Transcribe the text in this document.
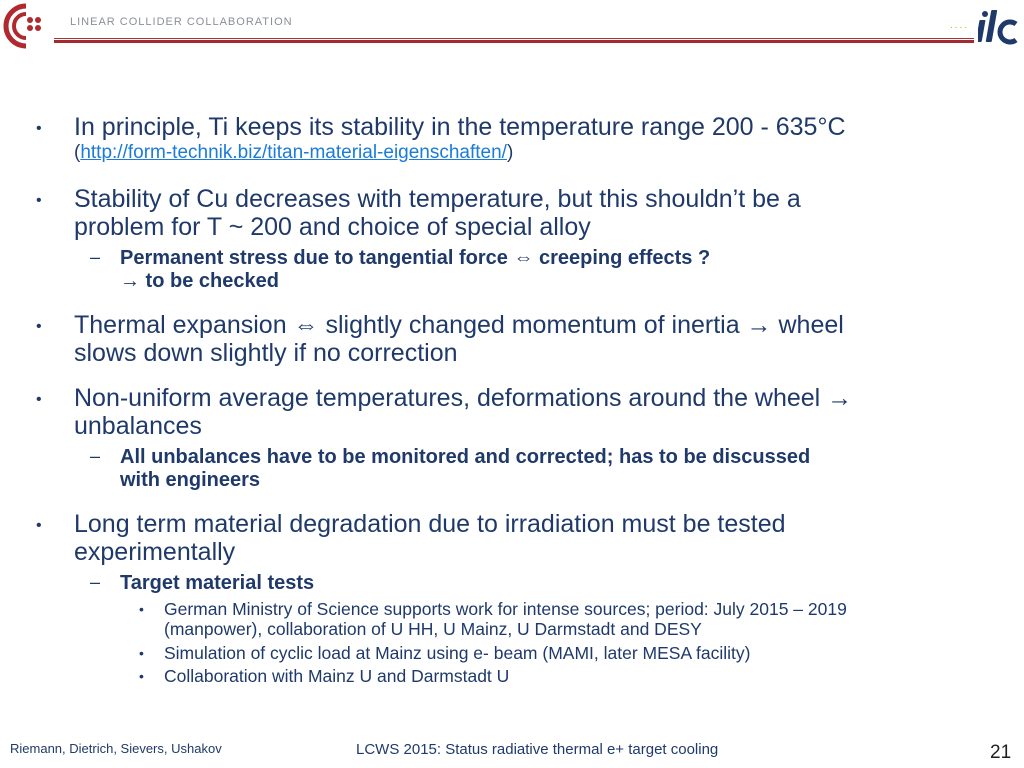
LINEAR COLLIDER COLLABORATION	....
• In principle, Ti keeps its stability in the temperature range 200 - 635°C
(http://form-technik.biz/titan-material-eigenschaften/)
• Stability of Cu decreases with temperature, but this shouldn’t be a
problem for T ~ 200 and choice of special alloy
– Permanent stress due to tangential force ⇔ creeping effects ?
→ to be checked
• Thermal expansion ⇔ slightly changed momentum of inertia → wheel
slows down slightly if no correction
• Non-uniform average temperatures, deformations around the wheel →
unbalances
– All unbalances have to be monitored and corrected; has to be discussed
with engineers
• Long term material degradation due to irradiation must be tested
experimentally
– Target material tests
• German Ministry of Science supports work for intense sources; period: July 2015 – 2019
(manpower), collaboration of U HH, U Mainz, U Darmstadt and DESY
• Simulation of cyclic load at Mainz using e- beam (MAMI, later MESA facility)
• Collaboration with Mainz U and Darmstadt U
Riemann, Dietrich, Sievers, Ushakov	LCWS 2015: Status radiative thermal e+ target cooling	21
